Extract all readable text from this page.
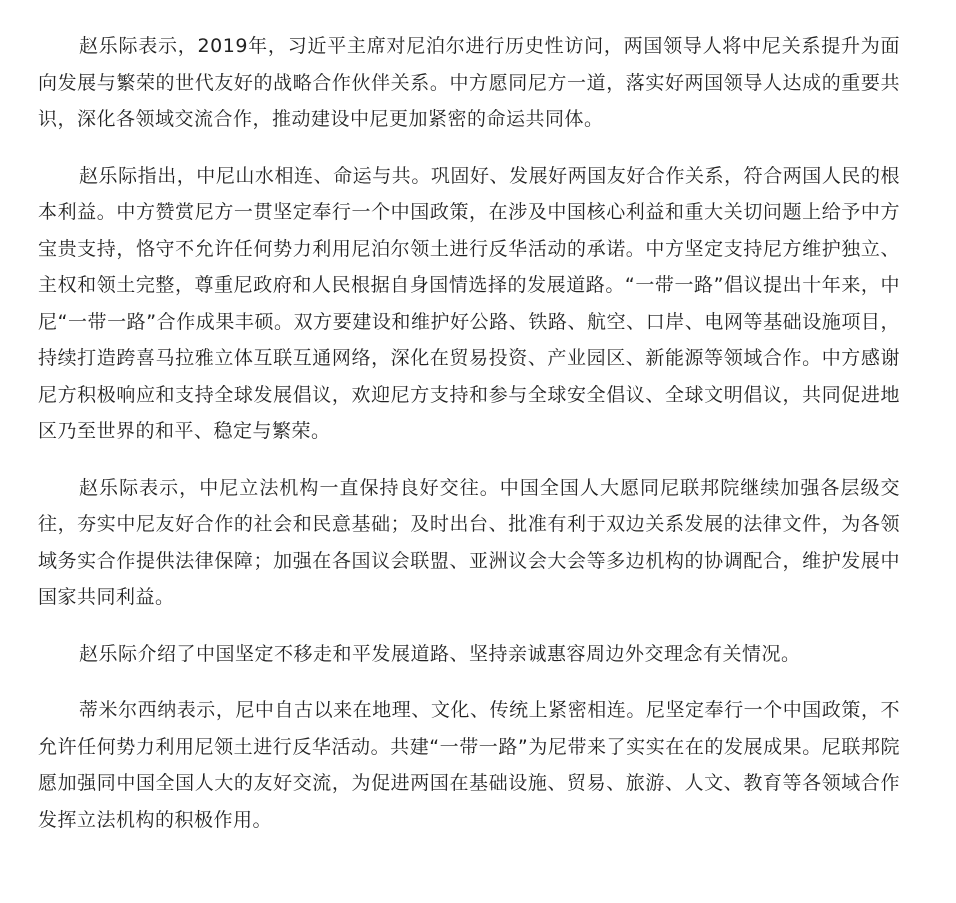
赵乐际表示，2019年，习近平主席对尼泊尔进行历史性访问，两国领导人将中尼关系提升为面向发展与繁荣的世代友好的战略合作伙伴关系。中方愿同尼方一道，落实好两国领导人达成的重要共识，深化各领域交流合作，推动建设中尼更加紧密的命运共同体。

赵乐际指出，中尼山水相连、命运与共。巩固好、发展好两国友好合作关系，符合两国人民的根本利益。中方赞赏尼方一贯坚定奉行一个中国政策，在涉及中国核心利益和重大关切问题上给予中方宝贵支持，恪守不允许任何势力利用尼泊尔领土进行反华活动的承诺。中方坚定支持尼方维护独立、主权和领土完整，尊重尼政府和人民根据自身国情选择的发展道路。“一带一路”倡议提出十年来，中尼“一带一路”合作成果丰硕。双方要建设和维护好公路、铁路、航空、口岸、电网等基础设施项目，持续打造跨喜马拉雅立体互联互通网络，深化在贸易投资、产业园区、新能源等领域合作。中方感谢尼方积极响应和支持全球发展倡议，欢迎尼方支持和参与全球安全倡议、全球文明倡议，共同促进地区乃至世界的和平、稳定与繁荣。

赵乐际表示，中尼立法机构一直保持良好交往。中国全国人大愿同尼联邦院继续加强各层级交往，夯实中尼友好合作的社会和民意基础；及时出台、批准有利于双边关系发展的法律文件，为各领域务实合作提供法律保障；加强在各国议会联盟、亚洲议会大会等多边机构的协调配合，维护发展中国家共同利益。

赵乐际介绍了中国坚定不移走和平发展道路、坚持亲诚惠容周边外交理念有关情况。

蒂米尔西纳表示，尼中自古以来在地理、文化、传统上紧密相连。尼坚定奉行一个中国政策，不允许任何势力利用尼领土进行反华活动。共建“一带一路”为尼带来了实实在在的发展成果。尼联邦院愿加强同中国全国人大的友好交流，为促进两国在基础设施、贸易、旅游、人文、教育等各领域合作发挥立法机构的积极作用。
